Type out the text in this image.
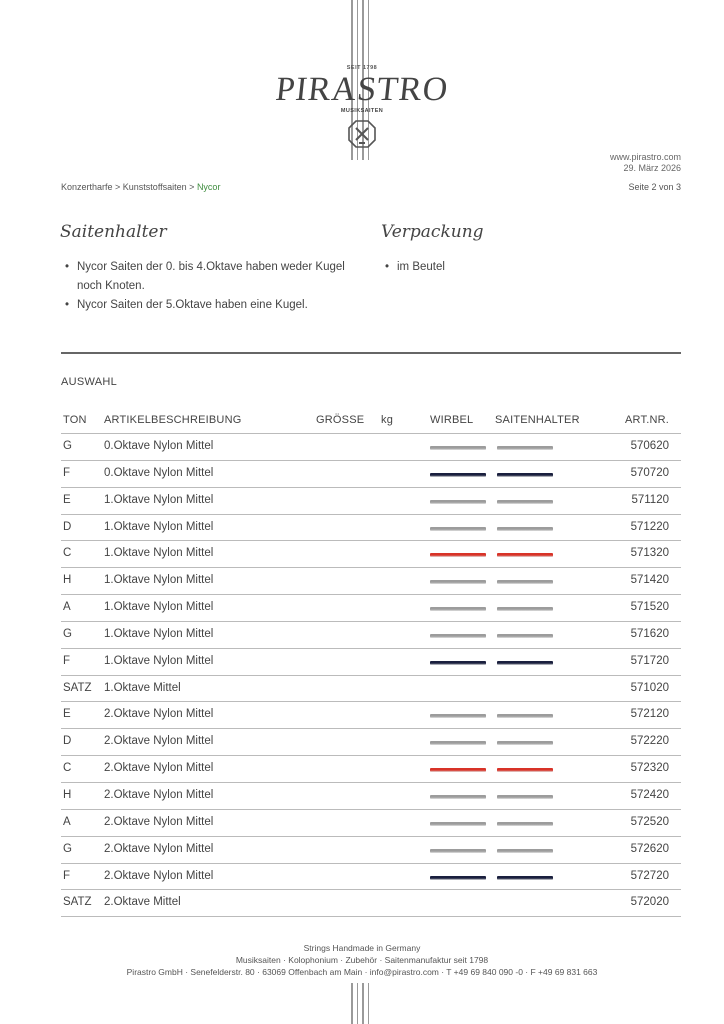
SEIT 1798
PIRASTRO
MUSIKSAITEN
www.pirastro.com
29. März 2026
Konzertharfe > Kunststoffsaiten > Nycor	Seite 2 von 3
Saitenhalter
• Nycor Saiten der 0. bis 4.Oktave haben weder Kugel noch Knoten.
• Nycor Saiten der 5.Oktave haben eine Kugel.
Verpackung
• im Beutel
AUSWAHL
TON ARTIKELBESCHREIBUNG	GRÖSSE kg	WIRBEL SAITENHALTER	ART.NR.
G	0.Oktave Nylon Mittel	570620
F	0.Oktave Nylon Mittel	570720
E	1.Oktave Nylon Mittel	571120
D	1.Oktave Nylon Mittel	571220
C	1.Oktave Nylon Mittel	571320
H	1.Oktave Nylon Mittel	571420
A	1.Oktave Nylon Mittel	571520
G	1.Oktave Nylon Mittel	571620
F	1.Oktave Nylon Mittel	571720
SATZ 1.Oktave Mittel	571020
E	2.Oktave Nylon Mittel	572120
D	2.Oktave Nylon Mittel	572220
C	2.Oktave Nylon Mittel	572320
H	2.Oktave Nylon Mittel	572420
A	2.Oktave Nylon Mittel	572520
G	2.Oktave Nylon Mittel	572620
F	2.Oktave Nylon Mittel	572720
SATZ 2.Oktave Mittel	572020
Strings Handmade in Germany
Musiksaiten · Kolophonium · Zubehör · Saitenmanufaktur seit 1798
Pirastro GmbH · Senefelderstr. 80 · 63069 Offenbach am Main · info@pirastro.com · T +49 69 840 090 -0 · F +49 69 831 663
